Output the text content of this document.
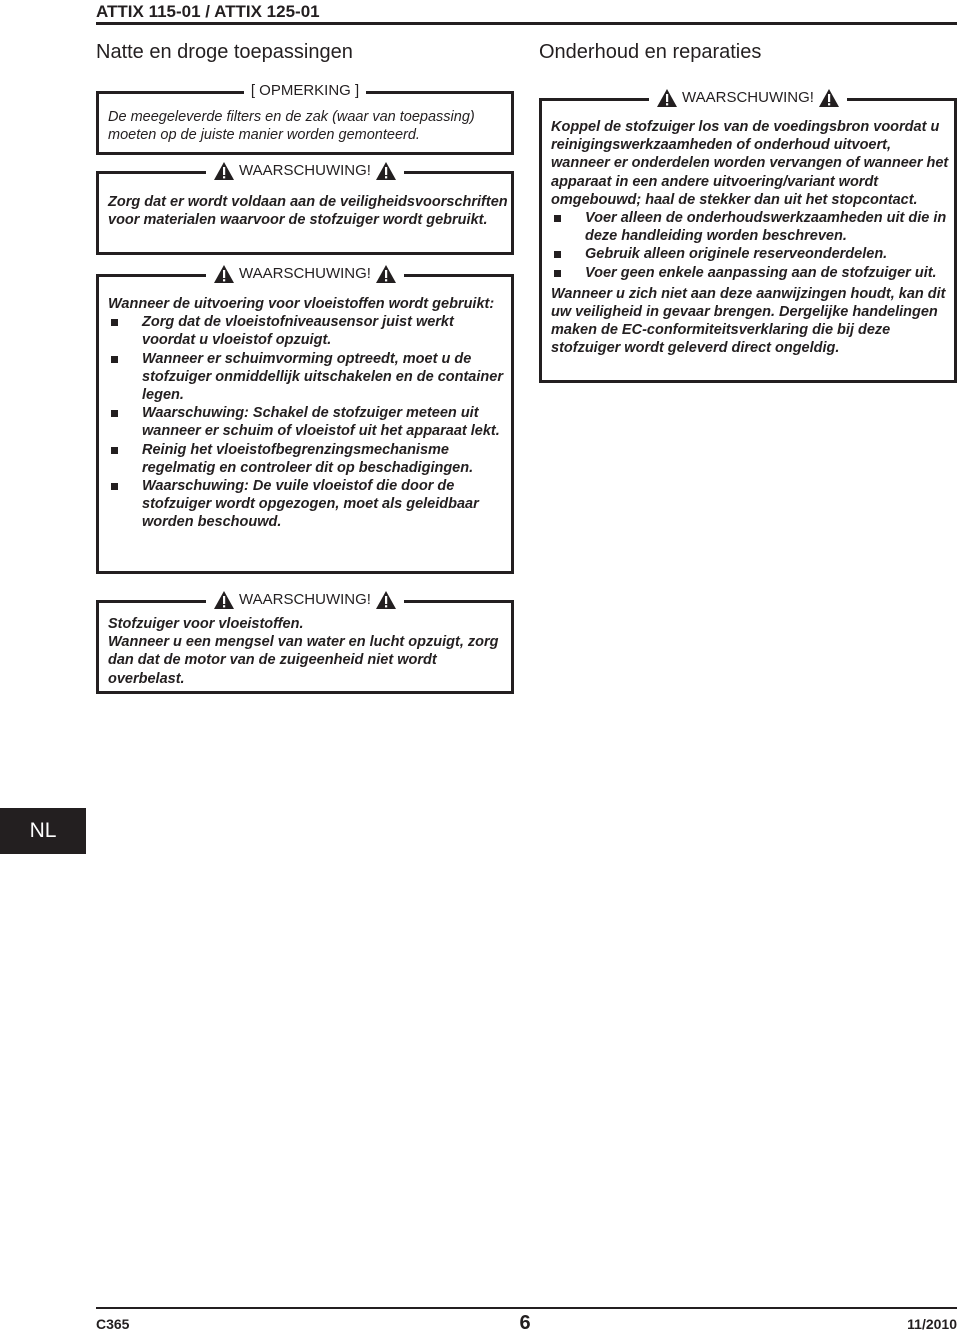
ATTIX 115-01 / ATTIX 125-01
Natte en droge toepassingen
[ OPMERKING ]
De meegeleverde filters en de zak (waar van toepassing) moeten op de juiste manier worden gemonteerd.
WAARSCHUWING!
Zorg dat er wordt voldaan aan de veiligheidsvoorschriften voor materialen waarvoor de stofzuiger wordt gebruikt.
WAARSCHUWING!
Wanneer de uitvoering voor vloeistoffen wordt gebruikt:
Zorg dat de vloeistofniveausensor juist werkt voordat u vloeistof opzuigt.
Wanneer er schuimvorming optreedt, moet u de stofzuiger onmiddellijk uitschakelen en de container legen.
Waarschuwing: Schakel de stofzuiger meteen uit wanneer er schuim of vloeistof uit het apparaat lekt.
Reinig het vloeistofbegrenzingsmechanisme regelmatig en controleer dit op beschadigingen.
Waarschuwing: De vuile vloeistof die door de stofzuiger wordt opgezogen, moet als geleidbaar worden beschouwd.
WAARSCHUWING!
Stofzuiger voor vloeistoffen.
Wanneer u een mengsel van water en lucht opzuigt, zorg dan dat de motor van de zuigeenheid niet wordt overbelast.
Onderhoud en reparaties
WAARSCHUWING!
Koppel de stofzuiger los van de voedingsbron voordat u reinigingswerkzaamheden of onderhoud uitvoert, wanneer er onderdelen worden vervangen of wanneer het apparaat in een andere uitvoering/variant wordt omgebouwd; haal de stekker dan uit het stopcontact.
Voer alleen de onderhoudswerkzaamheden uit die in deze handleiding worden beschreven.
Gebruik alleen originele reserveonderdelen.
Voer geen enkele aanpassing aan de stofzuiger uit.
Wanneer u zich niet aan deze aanwijzingen houdt, kan dit uw veiligheid in gevaar brengen. Dergelijke handelingen maken de EC-conformiteitsverklaring die bij deze stofzuiger wordt geleverd direct ongeldig.
NL
C365	6	11/2010
